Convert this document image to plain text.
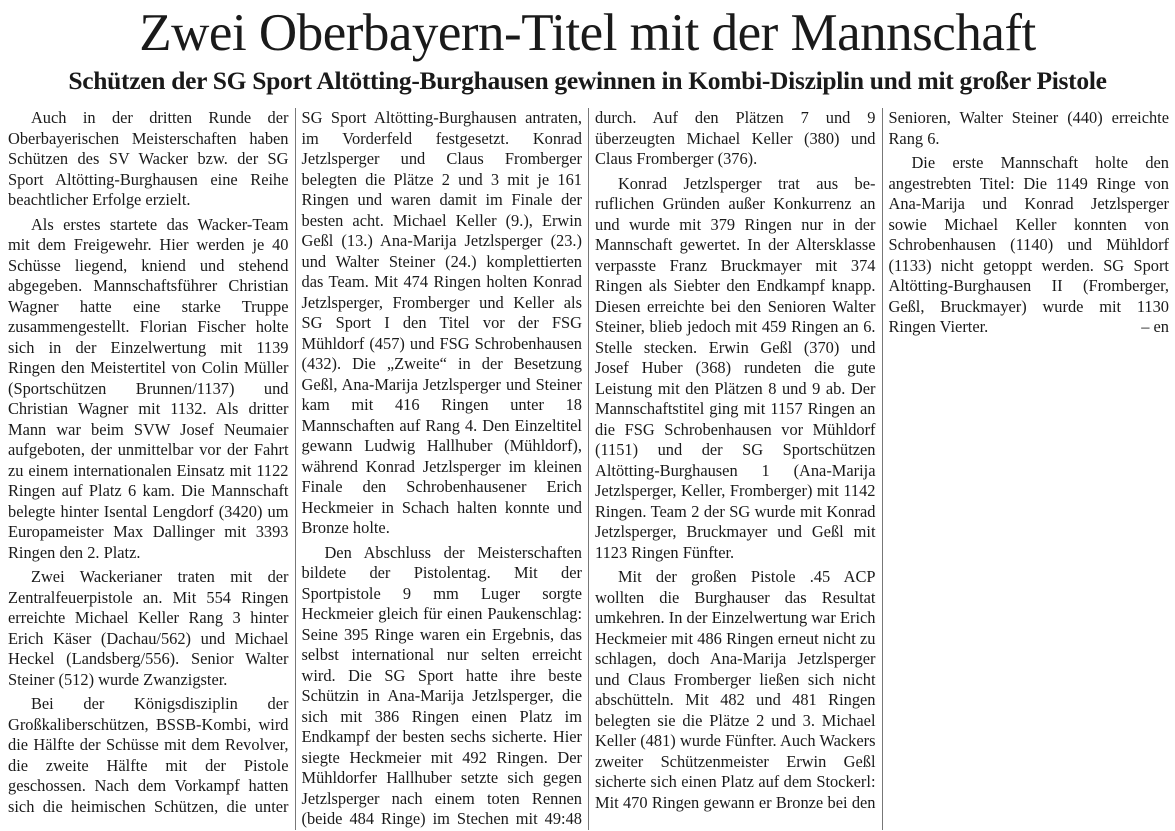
Zwei Oberbayern-Titel mit der Mannschaft
Schützen der SG Sport Altötting-Burghausen gewinnen in Kombi-Disziplin und mit großer Pistole

Auch in der dritten Runde der Oberbayerischen Meisterschaften haben Schützen des SV Wacker bzw. der SG Sport Altötting-Burghausen eine Reihe beachtlicher Erfolge erzielt.

Als erstes startete das Wacker-Team mit dem Freigewehr. Hier werden je 40 Schüsse liegend, kniend und stehend abgegeben. Mannschaftsführer Christian Wagner hatte eine starke Truppe zusammengestellt. Florian Fischer holte sich in der Einzelwertung mit 1139 Ringen den Meistertitel von Colin Müller (Sportschützen Brunnen/1137) und Christian Wagner mit 1132. Als dritter Mann war beim SVW Josef Neumaier aufgeboten, der unmittelbar vor der Fahrt zu einem internationalen Einsatz mit 1122 Ringen auf Platz 6 kam. Die Mannschaft belegte hinter Isental Lengdorf (3420) um Europameister Max Dallinger mit 3393 Ringen den 2. Platz.

Zwei Wackerianer traten mit der Zentralfeuerpistole an. Mit 554 Ringen erreichte Michael Keller Rang 3 hinter Erich Käser (Dachau/562) und Michael Heckel (Landsberg/556). Senior Walter Steiner (512) wurde Zwanzigster.

Bei der Königsdisziplin der Großkaliberschützen, BSSB-Kombi, wird die Hälfte der Schüsse mit dem Revolver, die zweite Hälfte mit der Pistole geschossen. Nach dem Vorkampf hatten sich die heimischen Schützen, die unter SG Sport Altötting-Burghausen antraten, im Vorderfeld festgesetzt. Konrad Jetzlsperger und Claus Fromberger belegten die Plätze 2 und 3 mit je 161 Ringen und waren damit im Finale der besten acht. Michael Keller (9.), Erwin Geßl (13.) Ana-Marija Jetzlsperger (23.) und Walter Steiner (24.) komplettierten das Team. Mit 474 Ringen holten Konrad Jetzlsperger, Fromberger und Keller als SG Sport I den Titel vor der FSG Mühldorf (457) und FSG Schrobenhausen (432). Die „Zweite“ in der Besetzung Geßl, Ana-Marija Jetzlsperger und Steiner kam mit 416 Ringen unter 18 Mannschaften auf Rang 4. Den Einzeltitel gewann Ludwig Hallhuber (Mühldorf), während Konrad Jetzlsperger im kleinen Finale den Schrobenhausener Erich Heckmeier in Schach halten konnte und Bronze holte.

Den Abschluss der Meisterschaften bildete der Pistolentag. Mit der Sportpistole 9 mm Luger sorgte Heckmeier gleich für einen Paukenschlag: Seine 395 Ringe waren ein Ergebnis, das selbst international nur selten erreicht wird. Die SG Sport hatte ihre beste Schützin in Ana-Marija Jetzlsperger, die sich mit 386 Ringen einen Platz im Endkampf der besten sechs sicherte. Hier siegte Heckmeier mit 492 Ringen. Der Mühldorfer Hallhuber setzte sich gegen Jetzlsperger nach einem toten Rennen (beide 484 Ringe) im Stechen mit 49:48 durch. Auf den Plätzen 7 und 9 überzeugten Michael Keller (380) und Claus Fromberger (376).

Konrad Jetzlsperger trat aus beruflichen Gründen außer Konkurrenz an und wurde mit 379 Ringen nur in der Mannschaft gewertet. In der Altersklasse verpasste Franz Bruckmayer mit 374 Ringen als Siebter den Endkampf knapp. Diesen erreichte bei den Senioren Walter Steiner, blieb jedoch mit 459 Ringen an 6. Stelle stecken. Erwin Geßl (370) und Josef Huber (368) rundeten die gute Leistung mit den Plätzen 8 und 9 ab. Der Mannschaftstitel ging mit 1157 Ringen an die FSG Schrobenhausen vor Mühldorf (1151) und der SG Sportschützen Altötting-Burghausen 1 (Ana-Marija Jetzlsperger, Keller, Fromberger) mit 1142 Ringen. Team 2 der SG wurde mit Konrad Jetzlsperger, Bruckmayer und Geßl mit 1123 Ringen Fünfter.

Mit der großen Pistole .45 ACP wollten die Burghauser das Resultat umkehren. In der Einzelwertung war Erich Heckmeier mit 486 Ringen erneut nicht zu schlagen, doch Ana-Marija Jetzlsperger und Claus Fromberger ließen sich nicht abschütteln. Mit 482 und 481 Ringen belegten sie die Plätze 2 und 3. Michael Keller (481) wurde Fünfter. Auch Wackers zweiter Schützenmeister Erwin Geßl sicherte sich einen Platz auf dem Stockerl: Mit 470 Ringen gewann er Bronze bei den Senioren, Walter Steiner (440) erreichte Rang 6.

Die erste Mannschaft holte den angestrebten Titel: Die 1149 Ringe von Ana-Marija und Konrad Jetzlsperger sowie Michael Keller konnten von Schrobenhausen (1140) und Mühldorf (1133) nicht getoppt werden. SG Sport Altötting-Burghausen II (Fromberger, Geßl, Bruckmayer) wurde mit 1130 Ringen Vierter.	– en
